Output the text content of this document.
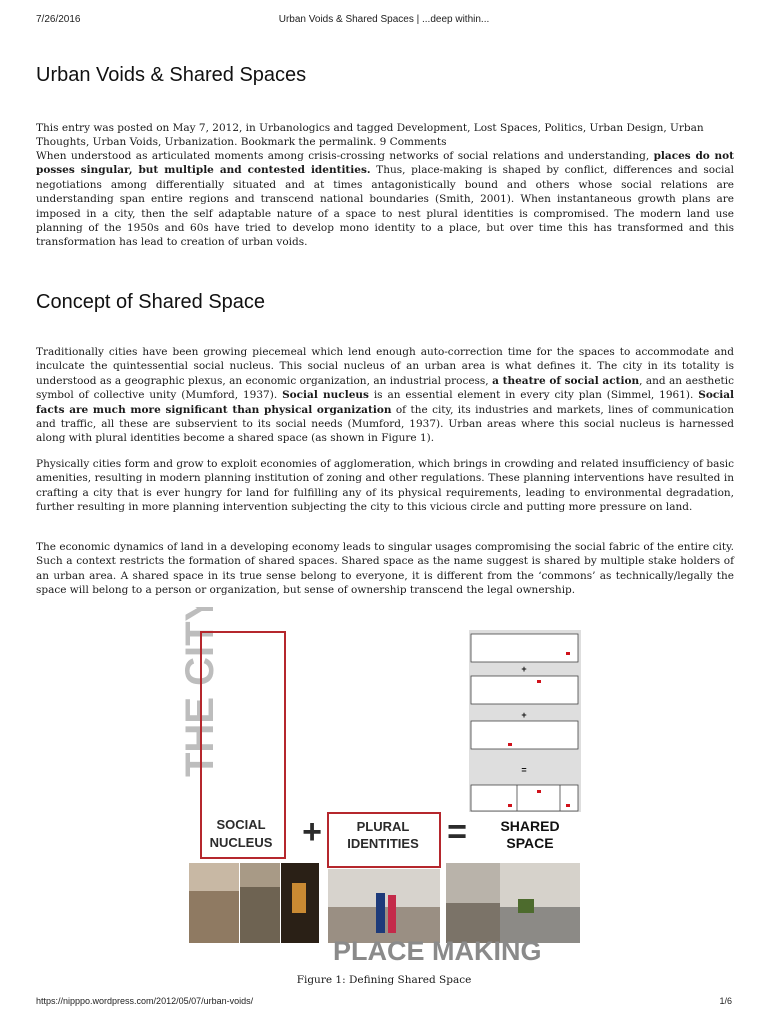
7/26/2016	Urban Voids & Shared Spaces | ...deep within...
Urban Voids & Shared Spaces

This entry was posted on May 7, 2012, in Urbanologics and tagged Development, Lost Spaces, Politics, Urban Design, Urban Thoughts, Urban Voids, Urbanization. Bookmark the permalink. 9 Comments

When understood as articulated moments among crisis-crossing networks of social relations and understanding, places do not posses singular, but multiple and contested identities. Thus, place-making is shaped by conflict, differences and social negotiations among differentially situated and at times antagonistically bound and others whose social relations are understanding span entire regions and transcend national boundaries (Smith, 2001). When instantaneous growth plans are imposed in a city, then the self adaptable nature of a space to nest plural identities is compromised. The modern land use planning of the 1950s and 60s have tried to develop mono identity to a place, but over time this has transformed and this transformation has lead to creation of urban voids.

Concept of Shared Space

Traditionally cities have been growing piecemeal which lend enough auto-correction time for the spaces to accommodate and inculcate the quintessential social nucleus. This social nucleus of an urban area is what defines it. The city in its totality is understood as a geographic plexus, an economic organization, an industrial process, a theatre of social action, and an aesthetic symbol of collective unity (Mumford, 1937). Social nucleus is an essential element in every city plan (Simmel, 1961). Social facts are much more significant than physical organization of the city, its industries and markets, lines of communication and traffic, all these are subservient to its social needs (Mumford, 1937). Urban areas where this social nucleus is harnessed along with plural identities become a shared space (as shown in Figure 1).

Physically cities form and grow to exploit economies of agglomeration, which brings in crowding and related insufficiency of basic amenities, resulting in modern planning institution of zoning and other regulations. These planning interventions have resulted in crafting a city that is ever hungry for land for fulfilling any of its physical requirements, leading to environmental degradation, further resulting in more planning intervention subjecting the city to this vicious circle and putting more pressure on land.

The economic dynamics of land in a developing economy leads to singular usages compromising the social fabric of the entire city. Such a context restricts the formation of shared spaces. Shared space as the name suggest is shared by multiple stake holders of an urban area. A shared space in its true sense belong to everyone, it is different from the ‘commons’ as technically/legally the space will belong to a person or organization, but sense of ownership transcend the legal ownership.

THE CITY
SOCIAL
NUCLEUS +	PLURAL
IDENTITIES = SHARED
SPACE
+
+
=
PLACE MAKING
Figure 1: Defining Shared Space
https://nipppo.wordpress.com/2012/05/07/urban-voids/	1/6
